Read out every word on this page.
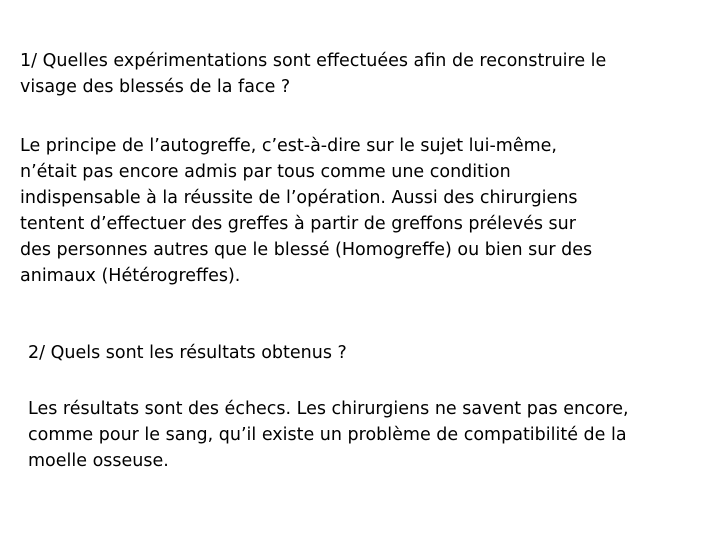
1/ Quelles expérimentations sont effectuées afin de reconstruire le
visage des blessés de la face ?

Le principe de l’autogreffe, c’est-à-dire sur le sujet lui-même,
n’était pas encore admis par tous comme une condition
indispensable à la réussite de l’opération. Aussi des chirurgiens
tentent d’effectuer des greffes à partir de greffons prélevés sur
des personnes autres que le blessé (Homogreffe) ou bien sur des
animaux (Hétérogreffes).

2/ Quels sont les résultats obtenus ?

Les résultats sont des échecs. Les chirurgiens ne savent pas encore,
comme pour le sang, qu’il existe un problème de compatibilité de la
moelle osseuse.
